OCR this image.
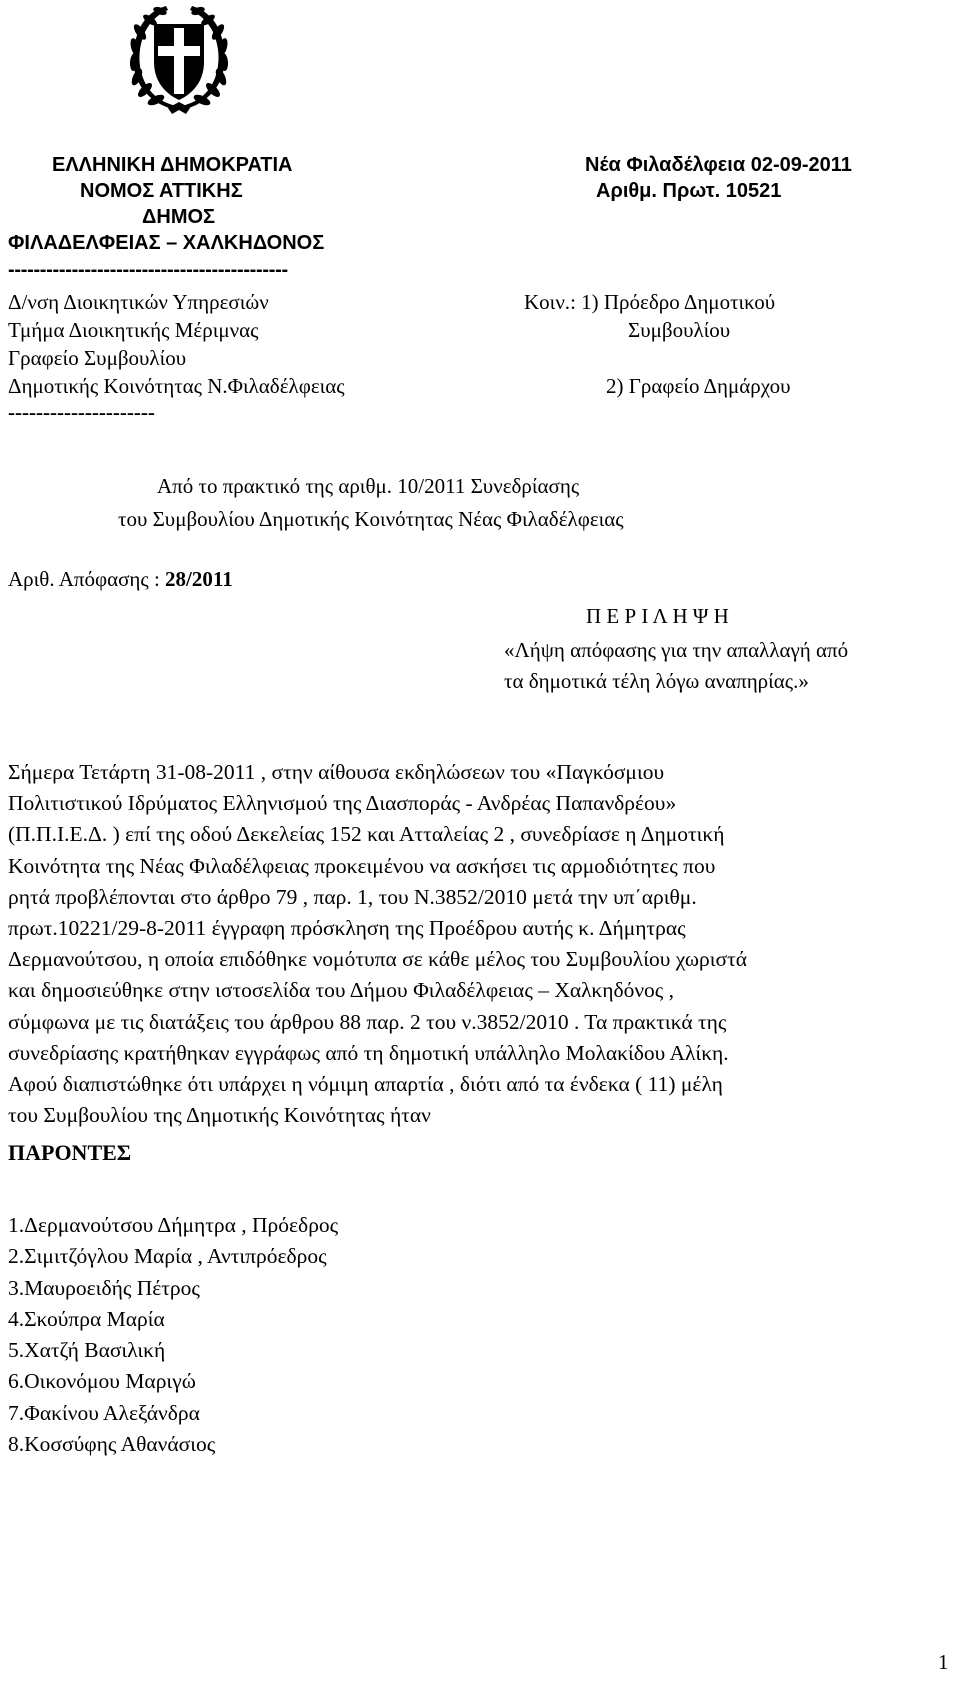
ΕΛΛΗΝΙΚΗ ΔΗΜΟΚΡΑΤΙΑ
ΝΟΜΟΣ ΑΤΤΙΚΗΣ
ΔΗΜΟΣ
ΦΙΛΑΔΕΛΦΕΙΑΣ – ΧΑΛΚΗΔΟΝΟΣ
--------------------------------------------
Δ/νση Διοικητικών Υπηρεσιών
Τμήμα Διοικητικής Μέριμνας
Γραφείο Συμβουλίου
Δημοτικής Κοινότητας Ν.Φιλαδέλφειας
---------------------
Νέα Φιλαδέλφεια 02-09-2011
Αριθμ. Πρωτ. 10521
Κοιν.: 1) Πρόεδρο Δημοτικού
Συμβουλίου
2) Γραφείο Δημάρχου
Από το πρακτικό της αριθμ. 10/2011 Συνεδρίασης
του Συμβουλίου Δημοτικής Κοινότητας Νέας Φιλαδέλφειας
Αριθ. Απόφασης : 28/2011
Π Ε Ρ Ι Λ Η Ψ Η
«Λήψη απόφασης για την απαλλαγή από
τα δημοτικά τέλη λόγω αναπηρίας.»
Σήμερα Τετάρτη 31-08-2011 , στην αίθουσα εκδηλώσεων του «Παγκόσμιου
Πολιτιστικού Ιδρύματος Ελληνισμού της Διασποράς - Ανδρέας Παπανδρέου»
(Π.Π.Ι.Ε.Δ. ) επί της οδού Δεκελείας 152 και Ατταλείας 2 , συνεδρίασε η Δημοτική
Κοινότητα της Νέας Φιλαδέλφειας προκειμένου να ασκήσει τις αρμοδιότητες που
ρητά προβλέπονται στο άρθρο 79 , παρ. 1, του Ν.3852/2010 μετά την υπ΄αριθμ.
πρωτ.10221/29-8-2011 έγγραφη πρόσκληση της Προέδρου αυτής κ. Δήμητρας
Δερμανούτσου, η οποία επιδόθηκε νομότυπα σε κάθε μέλος του Συμβουλίου χωριστά
και δημοσιεύθηκε στην ιστοσελίδα του Δήμου Φιλαδέλφειας – Χαλκηδόνος ,
σύμφωνα με τις διατάξεις του άρθρου 88 παρ. 2 του ν.3852/2010 . Τα πρακτικά της
συνεδρίασης κρατήθηκαν εγγράφως από τη δημοτική υπάλληλο Μολακίδου Αλίκη.
Αφού διαπιστώθηκε ότι υπάρχει η νόμιμη απαρτία , διότι από τα ένδεκα ( 11) μέλη
του Συμβουλίου της Δημοτικής Κοινότητας ήταν
ΠΑΡΟΝΤΕΣ
1.Δερμανούτσου Δήμητρα , Πρόεδρος
2.Σιμιτζόγλου Μαρία , Αντιπρόεδρος
3.Μαυροειδής Πέτρος
4.Σκούπρα Μαρία
5.Χατζή Βασιλική
6.Οικονόμου Μαριγώ
7.Φακίνου Αλεξάνδρα
8.Κοσσύφης Αθανάσιος
1
